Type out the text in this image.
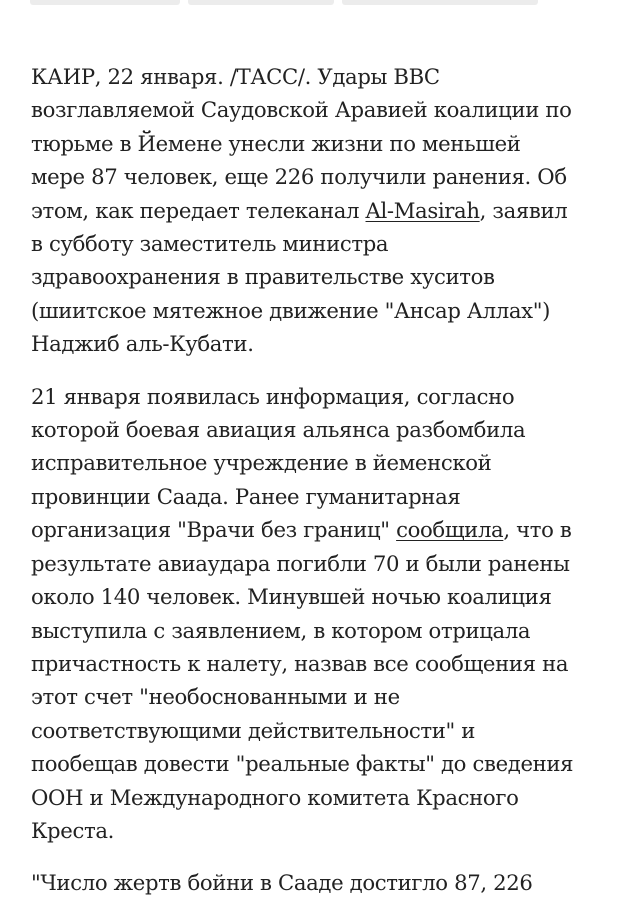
КАИР, 22 января. /ТАСС/. Удары ВВС
возглавляемой Саудовской Аравией коалиции по
тюрьме в Йемене унесли жизни по меньшей
мере 87 человек, еще 226 получили ранения. Об
этом, как передает телеканал Al-Masirah, заявил
в субботу заместитель министра
здравоохранения в правительстве хуситов
(шиитское мятежное движение "Ансар Аллах")
Наджиб аль-Кубати.

21 января появилась информация, согласно
которой боевая авиация альянса разбомбила
исправительное учреждение в йеменской
провинции Саада. Ранее гуманитарная
организация "Врачи без границ" сообщила, что в
результате авиаудара погибли 70 и были ранены
около 140 человек. Минувшей ночью коалиция
выступила с заявлением, в котором отрицала
причастность к налету, назвав все сообщения на
этот счет "необоснованными и не
соответствующими действительности" и
пообещав довести "реальные факты" до сведения
ООН и Международного комитета Красного
Креста.

"Число жертв бойни в Сааде достигло 87, 226
